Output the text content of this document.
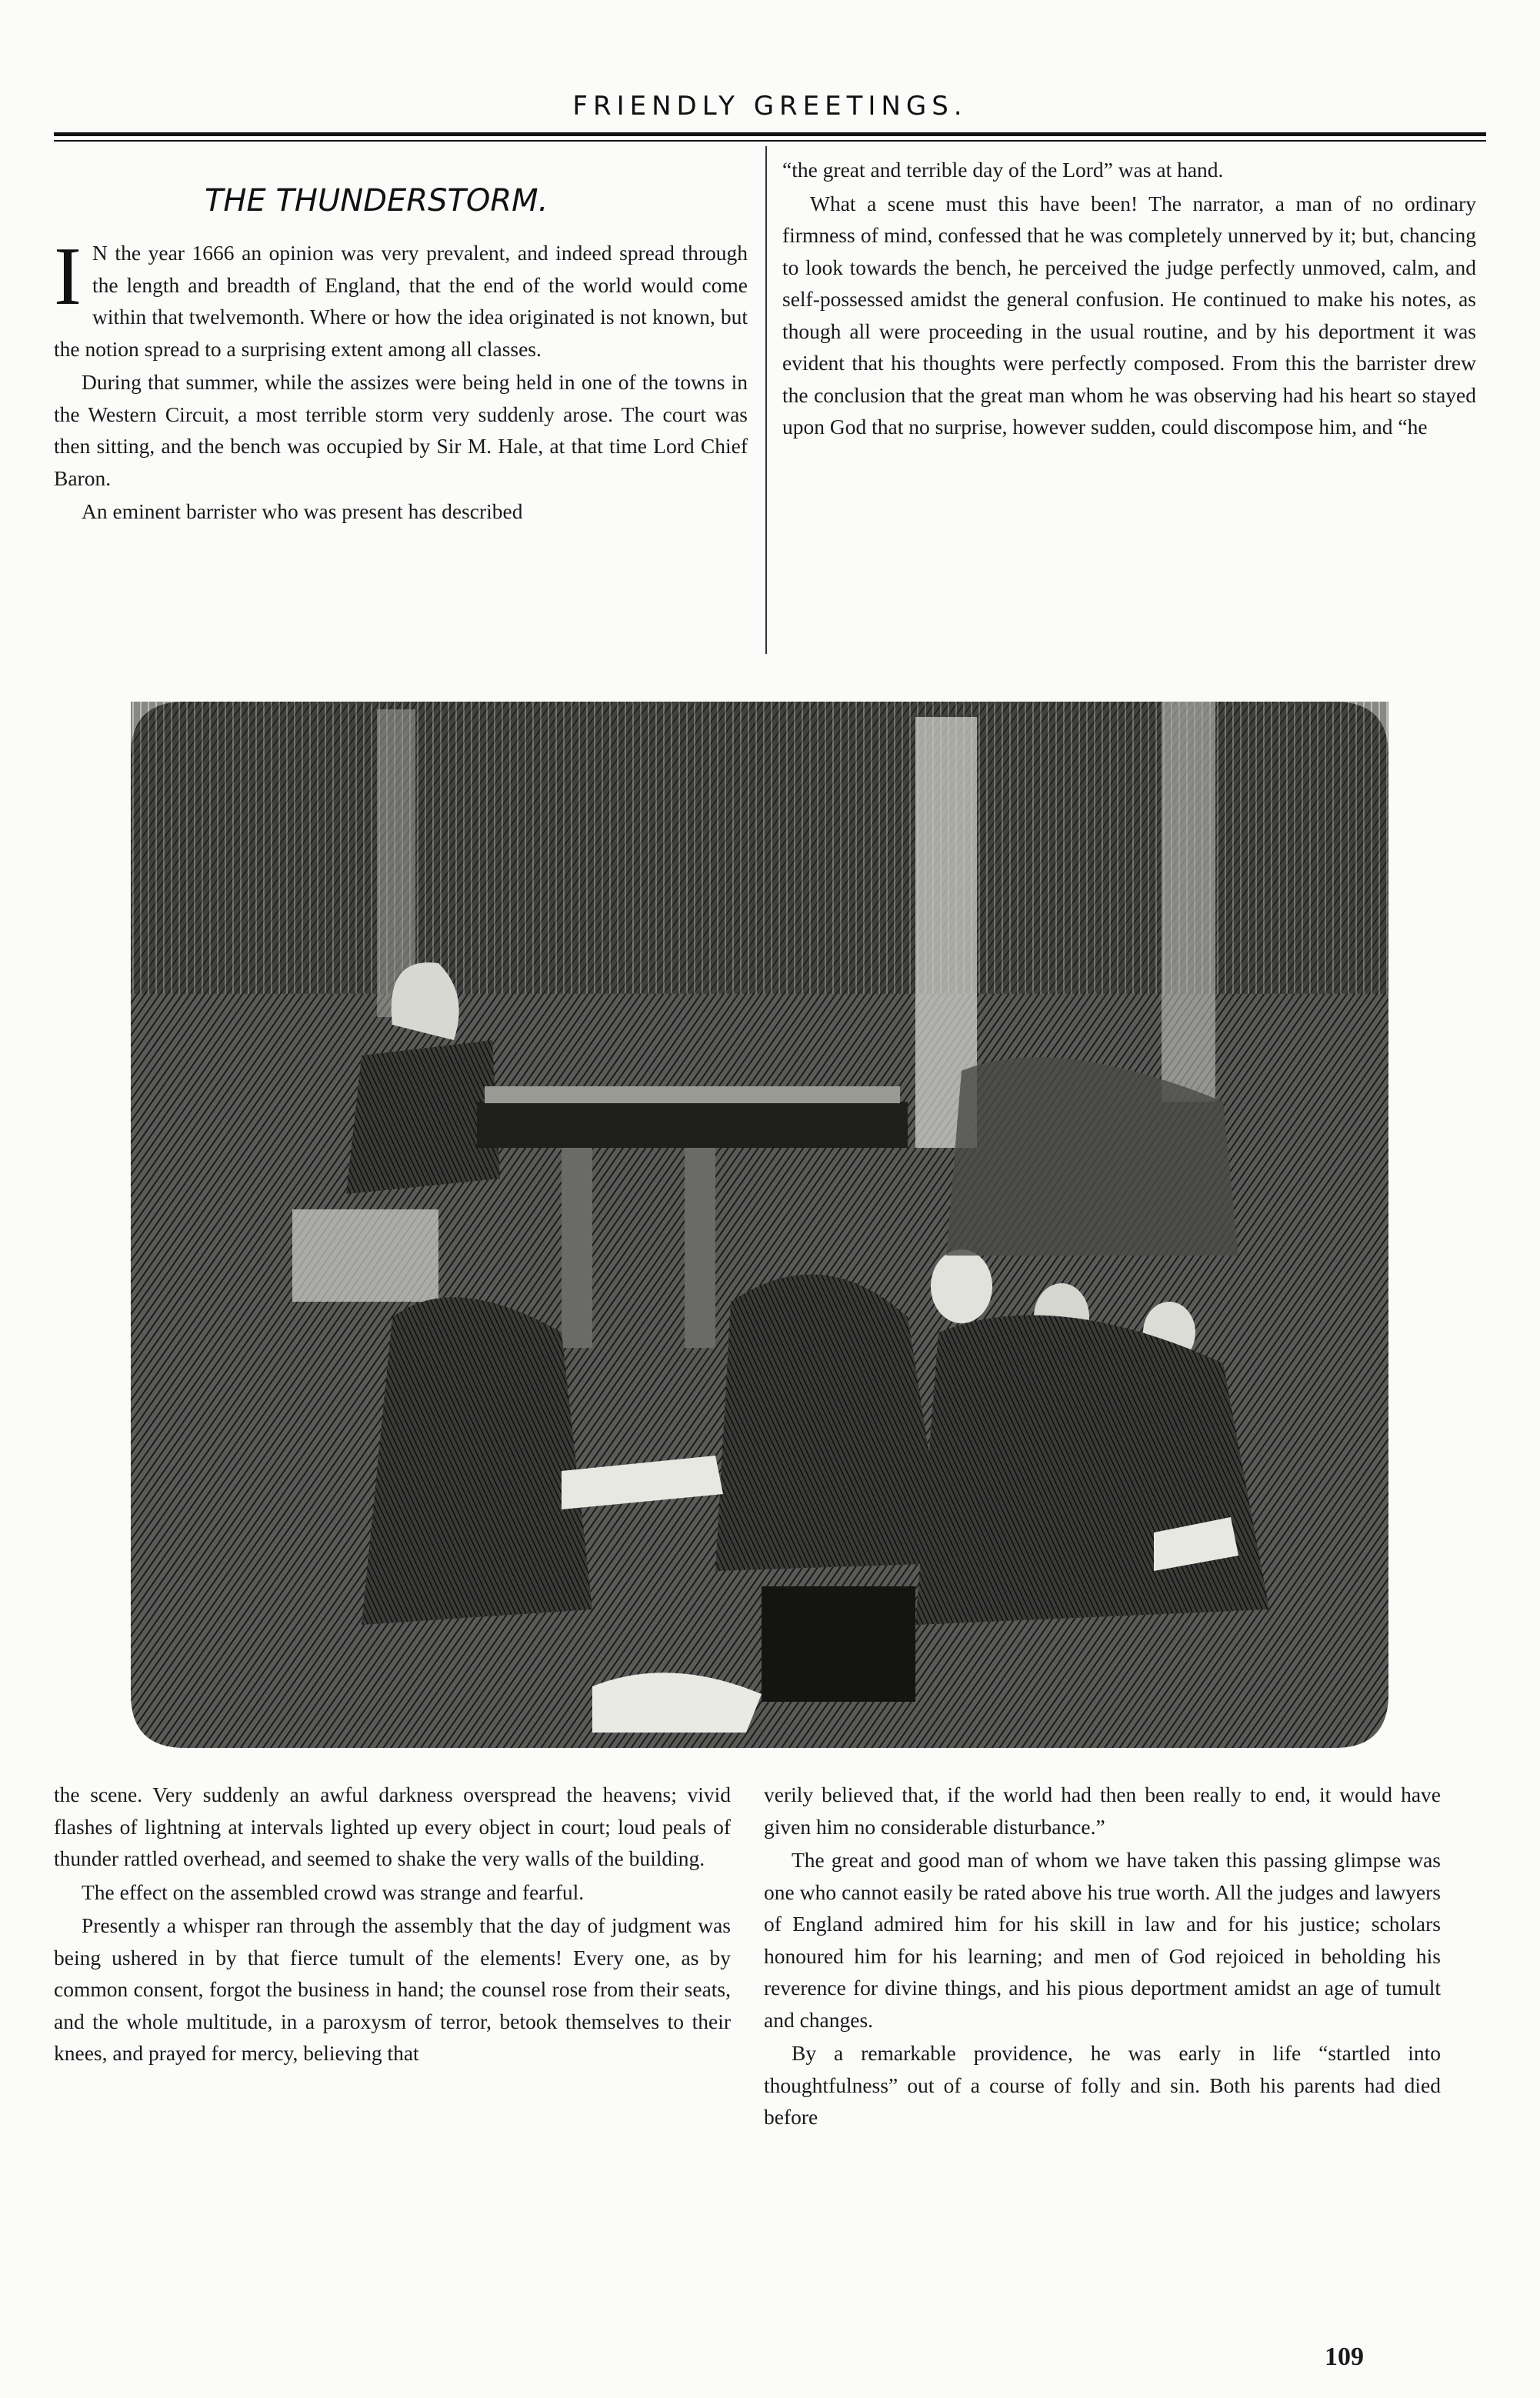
FRIENDLY GREETINGS.
THE THUNDERSTORM.

I N the year 1666 an opinion was very prevalent, and indeed spread through the length and breadth of England, that the end of the world would come within that twelvemonth. Where or how the idea originated is not known, but the notion spread to a surprising extent among all classes.

During that summer, while the assizes were being held in one of the towns in the Western Circuit, a most terrible storm very suddenly arose. The court was then sitting, and the bench was occupied by Sir M. Hale, at that time Lord Chief Baron.

An eminent barrister who was present has described

“the great and terrible day of the Lord” was at hand.

What a scene must this have been! The narrator, a man of no ordinary firmness of mind, confessed that he was completely unnerved by it; but, chancing to look towards the bench, he perceived the judge perfectly unmoved, calm, and self-possessed amidst the general confusion. He continued to make his notes, as though all were proceeding in the usual routine, and by his deportment it was evident that his thoughts were perfectly composed. From this the barrister drew the conclusion that the great man whom he was observing had his heart so stayed upon God that no surprise, however sudden, could discompose him, and “he

the scene. Very suddenly an awful darkness overspread the heavens; vivid flashes of lightning at intervals lighted up every object in court; loud peals of thunder rattled overhead, and seemed to shake the very walls of the building.

The effect on the assembled crowd was strange and fearful.

Presently a whisper ran through the assembly that the day of judgment was being ushered in by that fierce tumult of the elements! Every one, as by common consent, forgot the business in hand; the counsel rose from their seats, and the whole multitude, in a paroxysm of terror, betook themselves to their knees, and prayed for mercy, believing that

verily believed that, if the world had then been really to end, it would have given him no considerable disturbance.”

The great and good man of whom we have taken this passing glimpse was one who cannot easily be rated above his true worth. All the judges and lawyers of England admired him for his skill in law and for his justice; scholars honoured him for his learning; and men of God rejoiced in beholding his reverence for divine things, and his pious deportment amidst an age of tumult and changes.

By a remarkable providence, he was early in life “startled into thoughtfulness” out of a course of folly and sin. Both his parents had died before

109
